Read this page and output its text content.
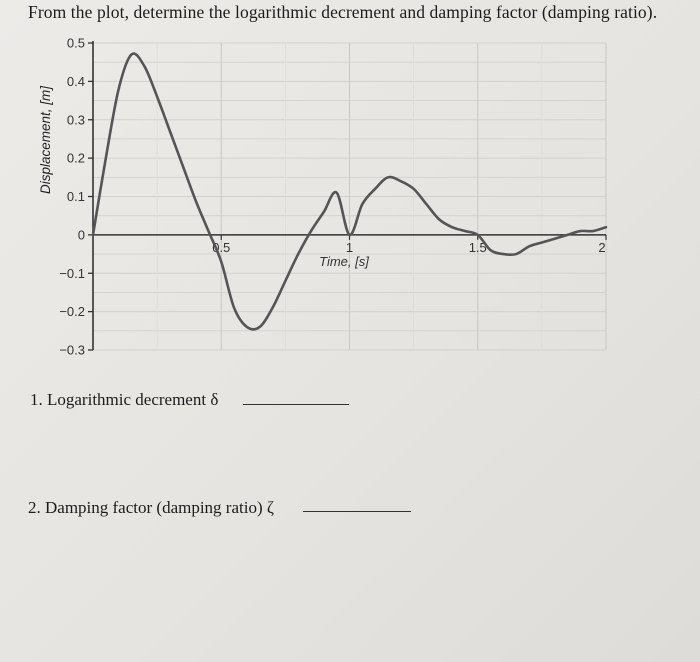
From the plot, determine the logarithmic decrement and damping factor (damping ratio).
0.5
0.4
0.3
0.2
0.1
0
−0.1
−0.2
−0.3
0.5	1	1.5	2
Displacement, [m]
Time, [s]
1. Logarithmic decrement δ
2. Damping factor (damping ratio) ζ
